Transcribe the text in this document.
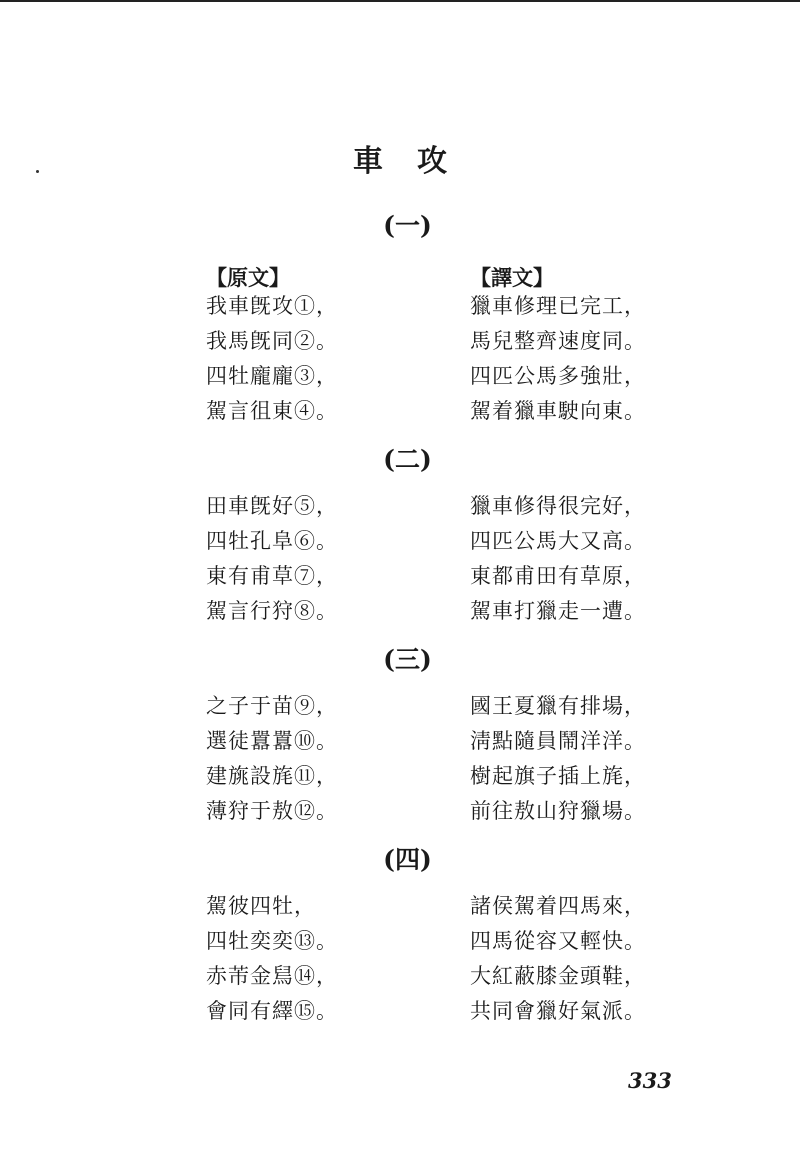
車攻
(一)
【原文】	【譯文】
我車旣攻①，
我馬旣同②。
四牡龐龐③，
駕言徂東④。
獵車修理已完工，
馬兒整齊速度同。
四匹公馬多強壯，
駕着獵車駛向東。
(二)
田車旣好⑤，
四牡孔阜⑥。
東有甫草⑦，
駕言行狩⑧。
獵車修得很完好，
四匹公馬大又高。
東都甫田有草原，
駕車打獵走一遭。
(三)
之子于苗⑨，
選徒囂囂⑩。
建旐設旄⑪，
薄狩于敖⑫。
國王夏獵有排場，
淸點隨員鬧洋洋。
樹起旗子插上旄，
前往敖山狩獵場。
(四)
駕彼四牡，
四牡奕奕⑬。
赤芾金舃⑭，
會同有繹⑮。
諸侯駕着四馬來，
四馬從容又輕快。
大紅蔽膝金頭鞋，
共同會獵好氣派。
333
